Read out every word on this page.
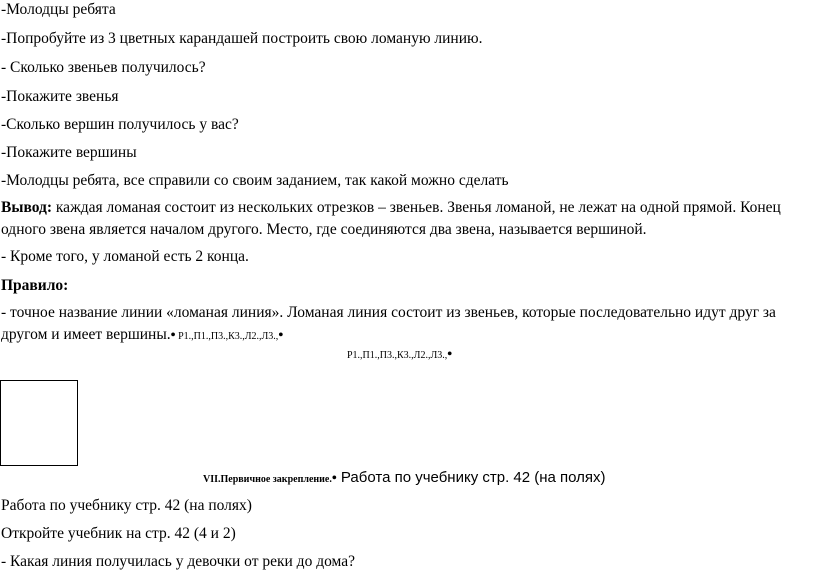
-Молодцы ребята
-Попробуйте из 3 цветных карандашей построить свою ломаную линию.
- Сколько звеньев получилось?
-Покажите звенья
-Сколько вершин получилось у вас?
-Покажите вершины
-Молодцы ребята, все справили со своим заданием, так какой можно сделать
Вывод: каждая ломаная состоит из нескольких отрезков – звеньев. Звенья ломаной, не лежат на одной прямой. Конец одного звена является началом другого. Место, где соединяются два звена, называется вершиной.
- Кроме того, у ломаной есть 2 конца.
Правило:
- точное название линии «ломаная линия». Ломаная линия состоит из звеньев, которые последовательно идут друг за другом и имеет вершины.• Р1.,П1.,П3.,К3.,Л2.,Л3.,•
Р1.,П1.,П3.,К3.,Л2.,Л3.,•
VII.Первичное закрепление.• Работа по учебнику стр. 42 (на полях)
Работа по учебнику стр. 42 (на полях)
Откройте учебник на стр. 42 (4 и 2)
- Какая линия получилась у девочки от реки до дома?
